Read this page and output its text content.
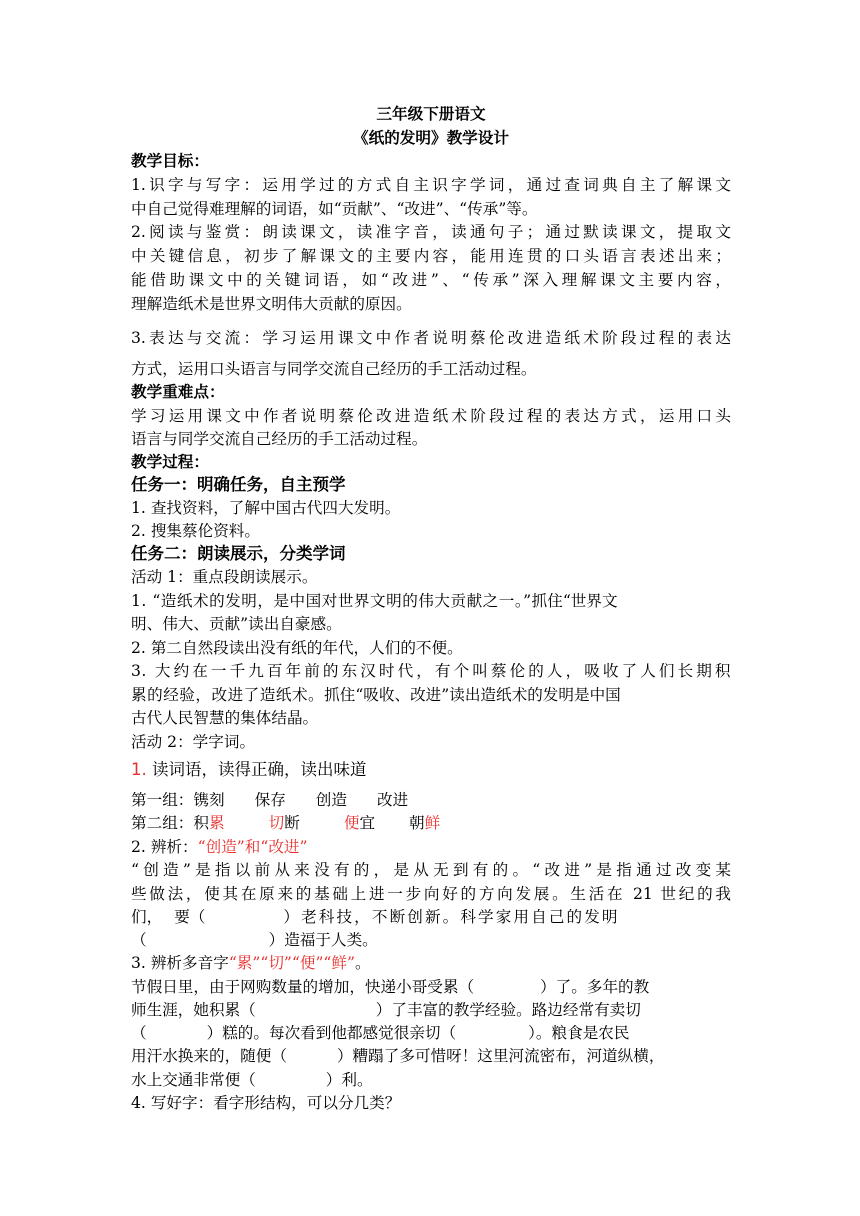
三年级下册语文
《纸的发明》教学设计
教学目标：
1.识字与写字：运用学过的方式自主识字学词，通过查词典自主了解课文
中自己觉得难理解的词语，如“贡献”、“改进”、“传承”等。
2.阅读与鉴赏：朗读课文，读准字音，读通句子；通过默读课文，提取文
中关键信息，初步了解课文的主要内容，能用连贯的口头语言表述出来；
能借助课文中的关键词语，如“改进”、“传承”深入理解课文主要内容，
理解造纸术是世界文明伟大贡献的原因。
3.表达与交流：学习运用课文中作者说明蔡伦改进造纸术阶段过程的表达
方式，运用口头语言与同学交流自己经历的手工活动过程。
教学重难点：
学习运用课文中作者说明蔡伦改进造纸术阶段过程的表达方式，运用口头
语言与同学交流自己经历的手工活动过程。
教学过程：
任务一：明确任务，自主预学
1. 查找资料，了解中国古代四大发明。
2. 搜集蔡伦资料。
任务二：朗读展示，分类学词
活动 1：重点段朗读展示。
1. “造纸术的发明，是中国对世界文明的伟大贡献之一。”抓住“世界文
明、伟大、贡献”读出自豪感。
2. 第二自然段读出没有纸的年代，人们的不便。
3. 大约在一千九百年前的东汉时代，有个叫蔡伦的人，吸收了人们长期积
累的经验，改进了造纸术。抓住“吸收、改进”读出造纸术的发明是中国
古代人民智慧的集体结晶。
活动 2：学字词。
1. 读词语，读得正确，读出味道
第一组：镌刻 保存 创造 改进
第二组：积累	切断	便宜 朝鲜
2. 辨析：“创造”和“改进”
“创造”是指以前从来没有的，是从无到有的。“改进”是指通过改变某
些做法，使其在原来的基础上进一步向好的方向发展。生活在 21 世纪的我
们， 要（	）老科技，不断创新。科学家用自己的发明
（	）造福于人类。
3. 辨析多音字“累”“切”“便”“鲜”。
节假日里，由于网购数量的增加，快递小哥受累（	）了。多年的教
师生涯，她积累（	）了丰富的教学经验。路边经常有卖切
（	）糕的。每次看到他都感觉很亲切（	）。粮食是农民
用汗水换来的，随便（	）糟蹋了多可惜呀！这里河流密布，河道纵横，
水上交通非常便（	）利。
4. 写好字：看字形结构，可以分几类？
